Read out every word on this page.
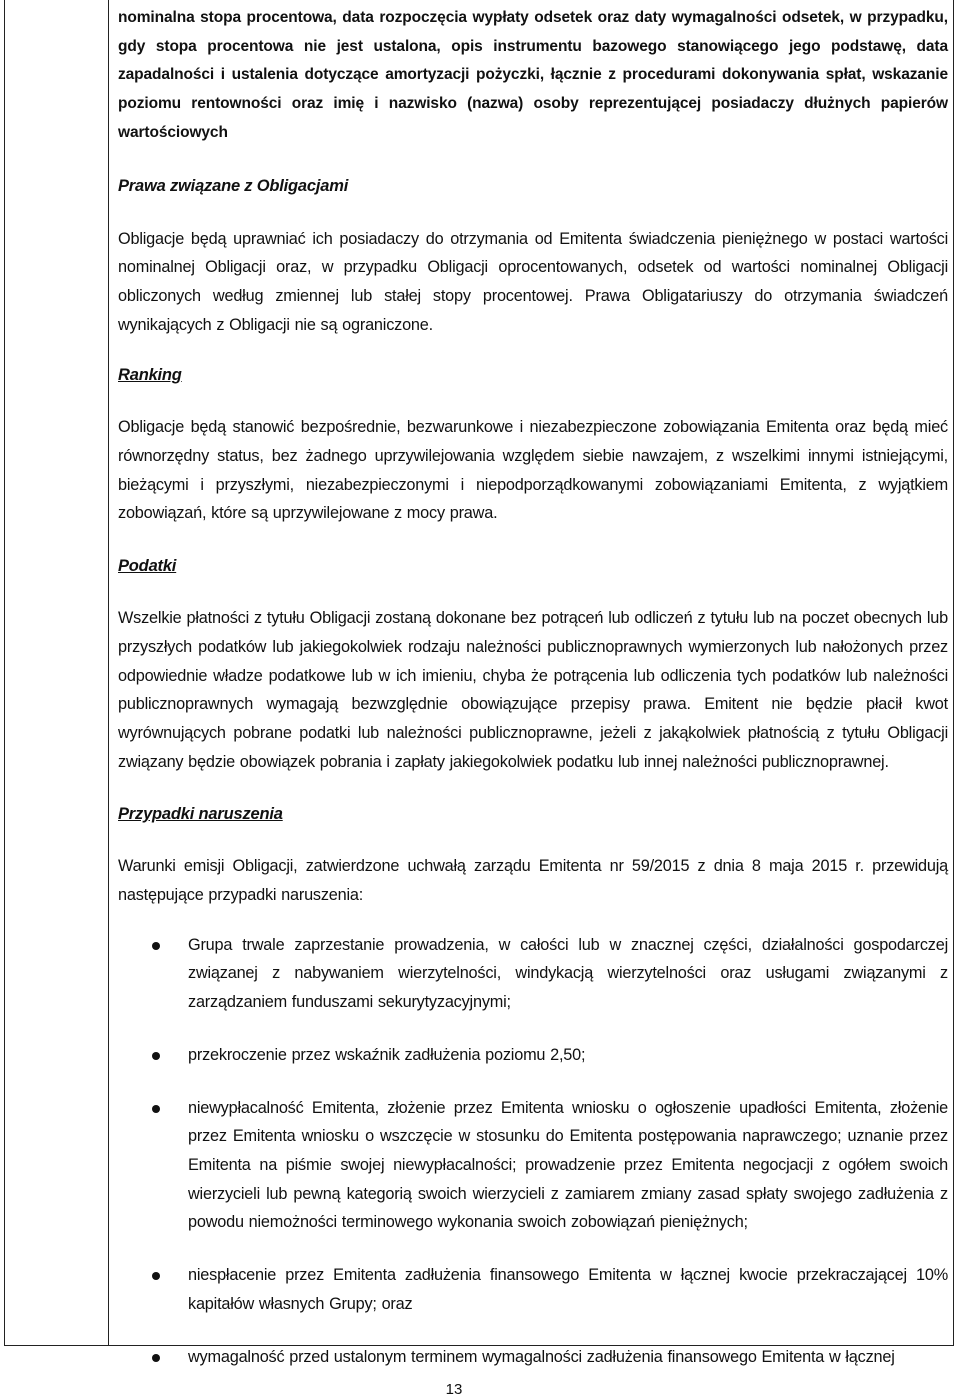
nominalna stopa procentowa, data rozpoczęcia wypłaty odsetek oraz daty wymagalności odsetek, w przypadku, gdy stopa procentowa nie jest ustalona, opis instrumentu bazowego stanowiącego jego podstawę, data zapadalności i ustalenia dotyczące amortyzacji pożyczki, łącznie z procedurami dokonywania spłat, wskazanie poziomu rentowności oraz imię i nazwisko (nazwa) osoby reprezentującej posiadaczy dłużnych papierów wartościowych

Prawa związane z Obligacjami

Obligacje będą uprawniać ich posiadaczy do otrzymania od Emitenta świadczenia pieniężnego w postaci wartości nominalnej Obligacji oraz, w przypadku Obligacji oprocentowanych, odsetek od wartości nominalnej Obligacji obliczonych według zmiennej lub stałej stopy procentowej. Prawa Obligatariuszy do otrzymania świadczeń wynikających z Obligacji nie są ograniczone.

Ranking

Obligacje będą stanowić bezpośrednie, bezwarunkowe i niezabezpieczone zobowiązania Emitenta oraz będą mieć równorzędny status, bez żadnego uprzywilejowania względem siebie nawzajem, z wszelkimi innymi istniejącymi, bieżącymi i przyszłymi, niezabezpieczonymi i niepodporządkowanymi zobowiązaniami Emitenta, z wyjątkiem zobowiązań, które są uprzywilejowane z mocy prawa.

Podatki

Wszelkie płatności z tytułu Obligacji zostaną dokonane bez potrąceń lub odliczeń z tytułu lub na poczet obecnych lub przyszłych podatków lub jakiegokolwiek rodzaju należności publicznoprawnych wymierzonych lub nałożonych przez odpowiednie władze podatkowe lub w ich imieniu, chyba że potrącenia lub odliczenia tych podatków lub należności publicznoprawnych wymagają bezwzględnie obowiązujące przepisy prawa. Emitent nie będzie płacił kwot wyrównujących pobrane podatki lub należności publicznoprawne, jeżeli z jakąkolwiek płatnością z tytułu Obligacji związany będzie obowiązek pobrania i zapłaty jakiegokolwiek podatku lub innej należności publicznoprawnej.

Przypadki naruszenia

Warunki emisji Obligacji, zatwierdzone uchwałą zarządu Emitenta nr 59/2015 z dnia 8 maja 2015 r. przewidują następujące przypadki naruszenia:

Grupa trwale zaprzestanie prowadzenia, w całości lub w znacznej części, działalności gospodarczej związanej z nabywaniem wierzytelności, windykacją wierzytelności oraz usługami związanymi z zarządzaniem funduszami sekurytyzacyjnymi;

przekroczenie przez wskaźnik zadłużenia poziomu 2,50;

niewypłacalność Emitenta, złożenie przez Emitenta wniosku o ogłoszenie upadłości Emitenta, złożenie przez Emitenta wniosku o wszczęcie w stosunku do Emitenta postępowania naprawczego; uznanie przez Emitenta na piśmie swojej niewypłacalności; prowadzenie przez Emitenta negocjacji z ogółem swoich wierzycieli lub pewną kategorią swoich wierzycieli z zamiarem zmiany zasad spłaty swojego zadłużenia z powodu niemożności terminowego wykonania swoich zobowiązań pieniężnych;

niespłacenie przez Emitenta zadłużenia finansowego Emitenta w łącznej kwocie przekraczającej 10% kapitałów własnych Grupy; oraz

wymagalność przed ustalonym terminem wymagalności zadłużenia finansowego Emitenta w łącznej

13
